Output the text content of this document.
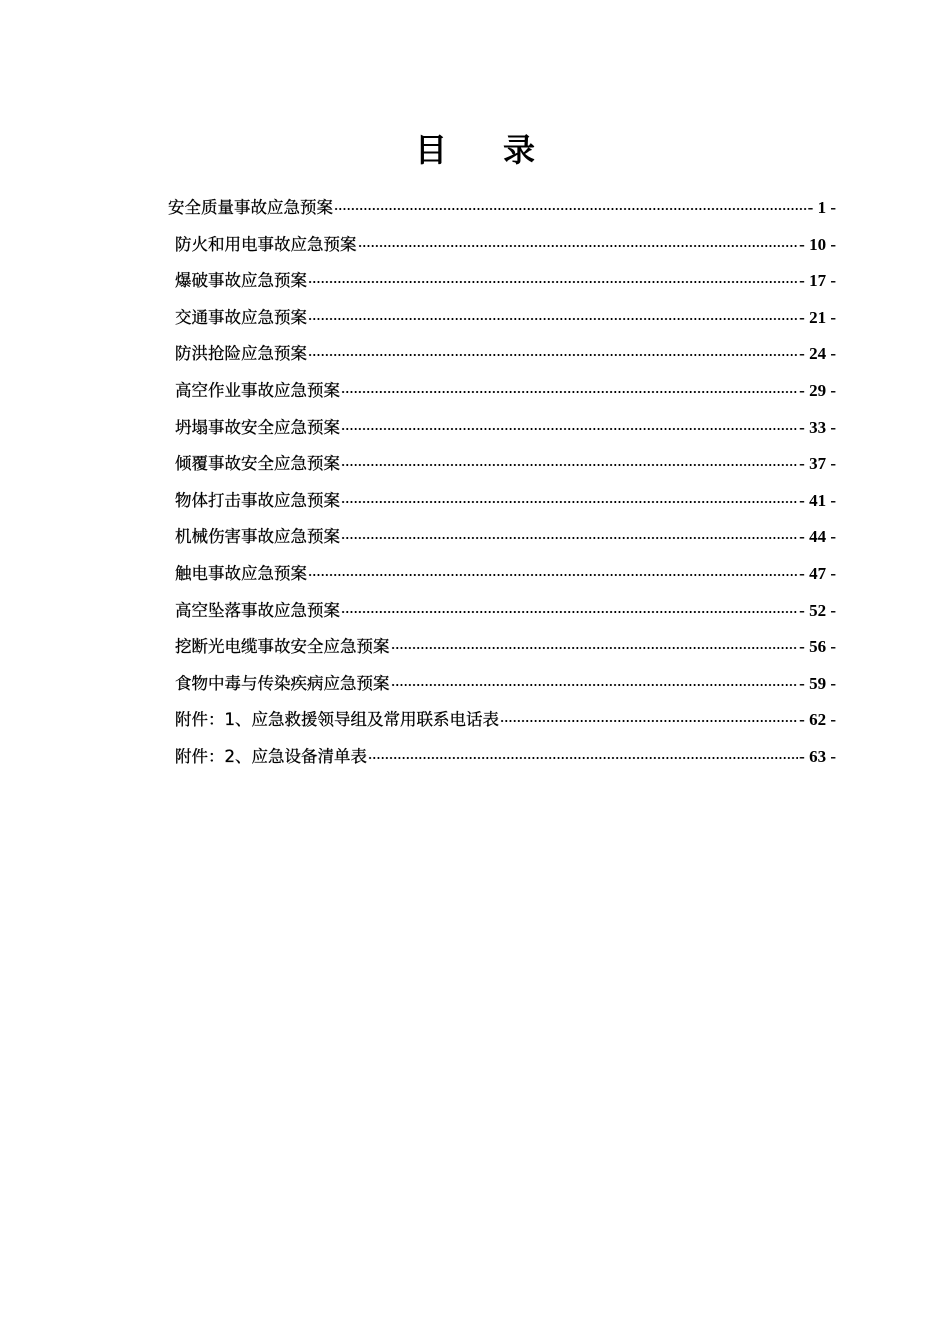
目 录
安全质量事故应急预案	- 1 -
防火和用电事故应急预案	- 10 -
爆破事故应急预案	- 17 -
交通事故应急预案	- 21 -
防洪抢险应急预案	- 24 -
高空作业事故应急预案	- 29 -
坍塌事故安全应急预案	- 33 -
倾覆事故安全应急预案	- 37 -
物体打击事故应急预案	- 41 -
机械伤害事故应急预案	- 44 -
触电事故应急预案	- 47 -
高空坠落事故应急预案	- 52 -
挖断光电缆事故安全应急预案	- 56 -
食物中毒与传染疾病应急预案	- 59 -
附件：1、应急救援领导组及常用联系电话表	- 62 -
附件：2、应急设备清单表	- 63 -
